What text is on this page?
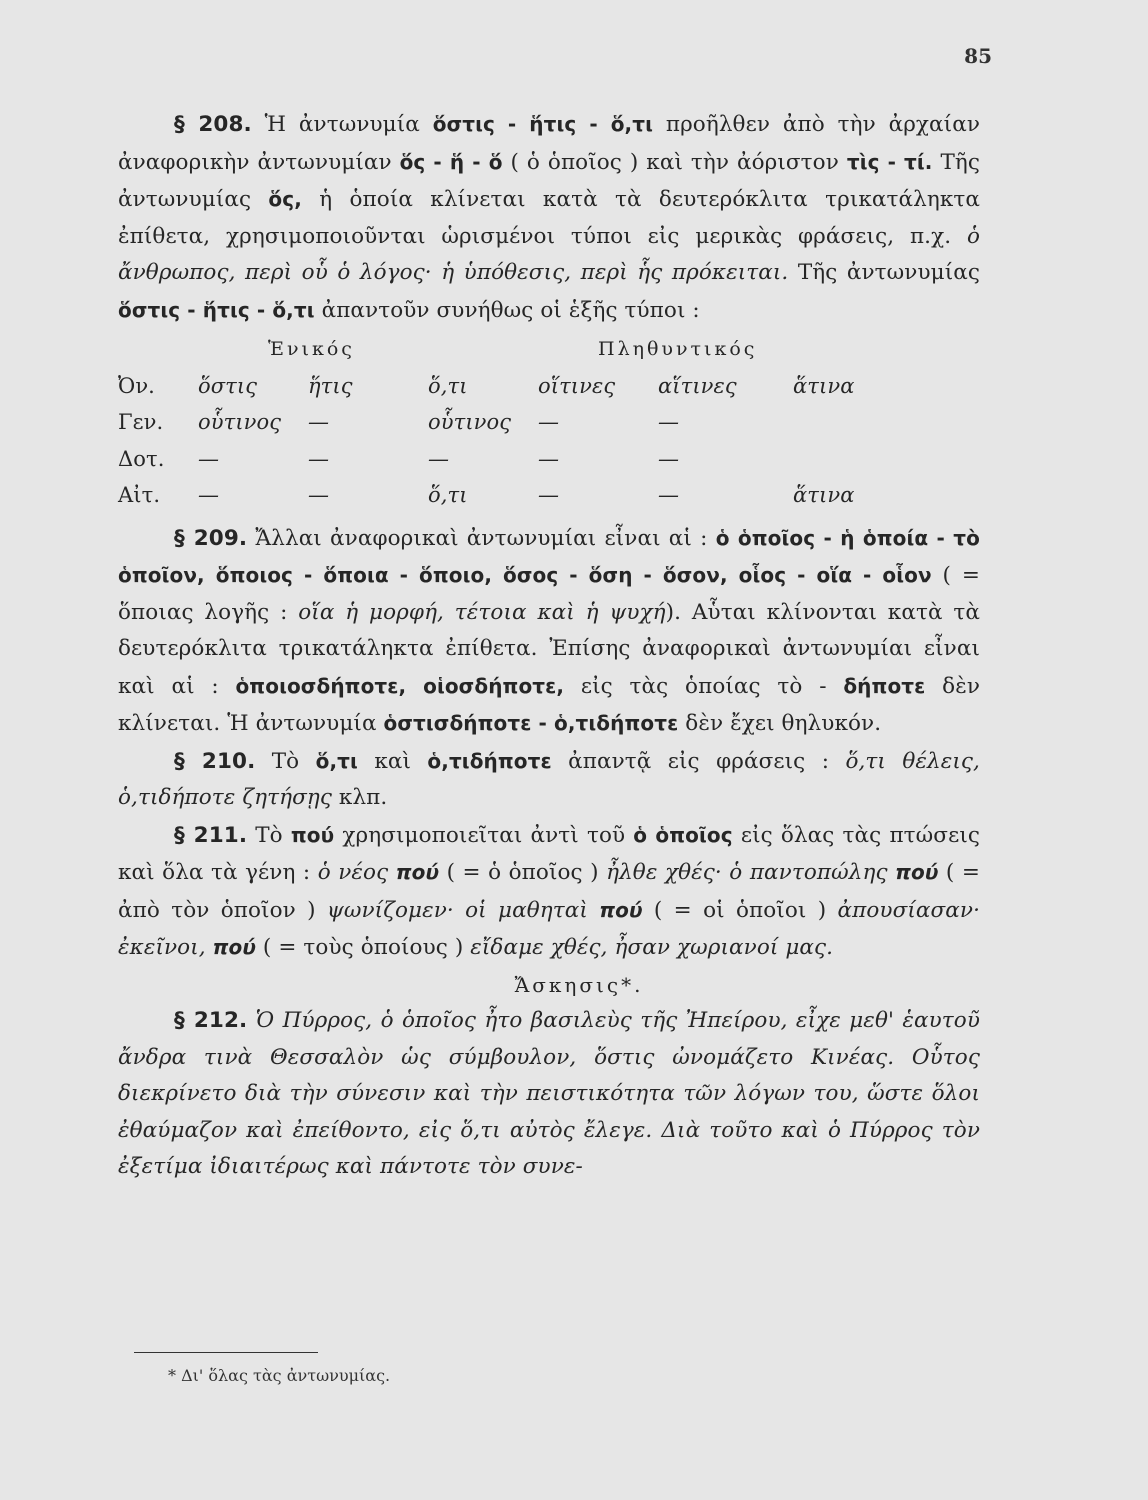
85

§ 208. Ἡ ἀντωνυμία ὅστις - ἥτις - ὅ,τι προῆλθεν ἀπὸ τὴν ἀρχαίαν ἀναφορικὴν ἀντωνυμίαν ὅς - ἥ - ὅ ( ὁ ὁποῖος ) καὶ τὴν ἀόριστον τὶς - τί. Τῆς ἀντωνυμίας ὅς, ἡ ὁποία κλίνεται κατὰ τὰ δευτερόκλιτα τρικατάληκτα ἐπίθετα, χρησιμοποιοῦνται ὡρισμένοι τύποι εἰς μερικὰς φράσεις, π.χ. ὁ ἄνθρωπος, περὶ οὗ ὁ λόγος· ἡ ὑπόθεσις, περὶ ἧς πρόκειται. Τῆς ἀντωνυμίας ὅστις - ἥτις - ὅ,τι ἀπαντοῦν συνήθως οἱ ἑξῆς τύποι :

	Ἑνικός			Πληθυντικός		
Ὀν.	ὅστις	ἥτις	ὅ,τι	οἵτινες	αἵτινες	ἅτινα
Γεν.	οὗτινος	—	οὗτινος	—	—	
Δοτ.	—	—	—	—	—	
Αἰτ.	—	—	ὅ,τι	—	—	ἅτινα

§ 209. Ἄλλαι ἀναφορικαὶ ἀντωνυμίαι εἶναι αἱ : ὁ ὁποῖος - ἡ ὁποία - τὸ ὁποῖον, ὅποιος - ὅποια - ὅποιο, ὅσος - ὅση - ὅσον, οἷος - οἵα - οἷον ( = ὅποιας λογῆς : οἵα ἡ μορφή, τέτοια καὶ ἡ ψυχή). Αὗται κλίνονται κατὰ τὰ δευτερόκλιτα τρικατάληκτα ἐπίθετα. Ἐπίσης ἀναφορικαὶ ἀντωνυμίαι εἶναι καὶ αἱ : ὁποιοσδήποτε, οἱοσδήποτε, εἰς τὰς ὁποίας τὸ - δήποτε δὲν κλίνεται. Ἡ ἀντωνυμία ὁστισδήποτε - ὁ,τιδήποτε δὲν ἔχει θηλυκόν.

§ 210. Τὸ ὅ,τι καὶ ὁ,τιδήποτε ἀπαντᾷ εἰς φράσεις : ὅ,τι θέλεις, ὁ,τιδήποτε ζητήσῃς κλπ.

§ 211. Τὸ πού χρησιμοποιεῖται ἀντὶ τοῦ ὁ ὁποῖος εἰς ὅλας τὰς πτώσεις καὶ ὅλα τὰ γένη : ὁ νέος πού ( = ὁ ὁποῖος ) ἦλθε χθές· ὁ παντοπώλης πού ( = ἀπὸ τὸν ὁποῖον ) ψωνίζομεν· οἱ μαθηταὶ πού ( = οἱ ὁποῖοι ) ἀπουσίασαν· ἐκεῖνοι, πού ( = τοὺς ὁποίους ) εἴδαμε χθές, ἦσαν χωριανοί μας.

Ἄσκησις*.

§ 212. Ὁ Πύρρος, ὁ ὁποῖος ἦτο βασιλεὺς τῆς Ἠπείρου, εἶχε μεθ' ἑαυτοῦ ἄνδρα τινὰ Θεσσαλὸν ὡς σύμβουλον, ὅστις ὠνομάζετο Κινέας. Οὗτος διεκρίνετο διὰ τὴν σύνεσιν καὶ τὴν πειστικότητα τῶν λόγων του, ὥστε ὅλοι ἐθαύμαζον καὶ ἐπείθοντο, εἰς ὅ,τι αὐτὸς ἔλεγε. Διὰ τοῦτο καὶ ὁ Πύρρος τὸν ἐξετίμα ἰδιαιτέρως καὶ πάντοτε τὸν συνε-

* Δι' ὅλας τὰς ἀντωνυμίας.
